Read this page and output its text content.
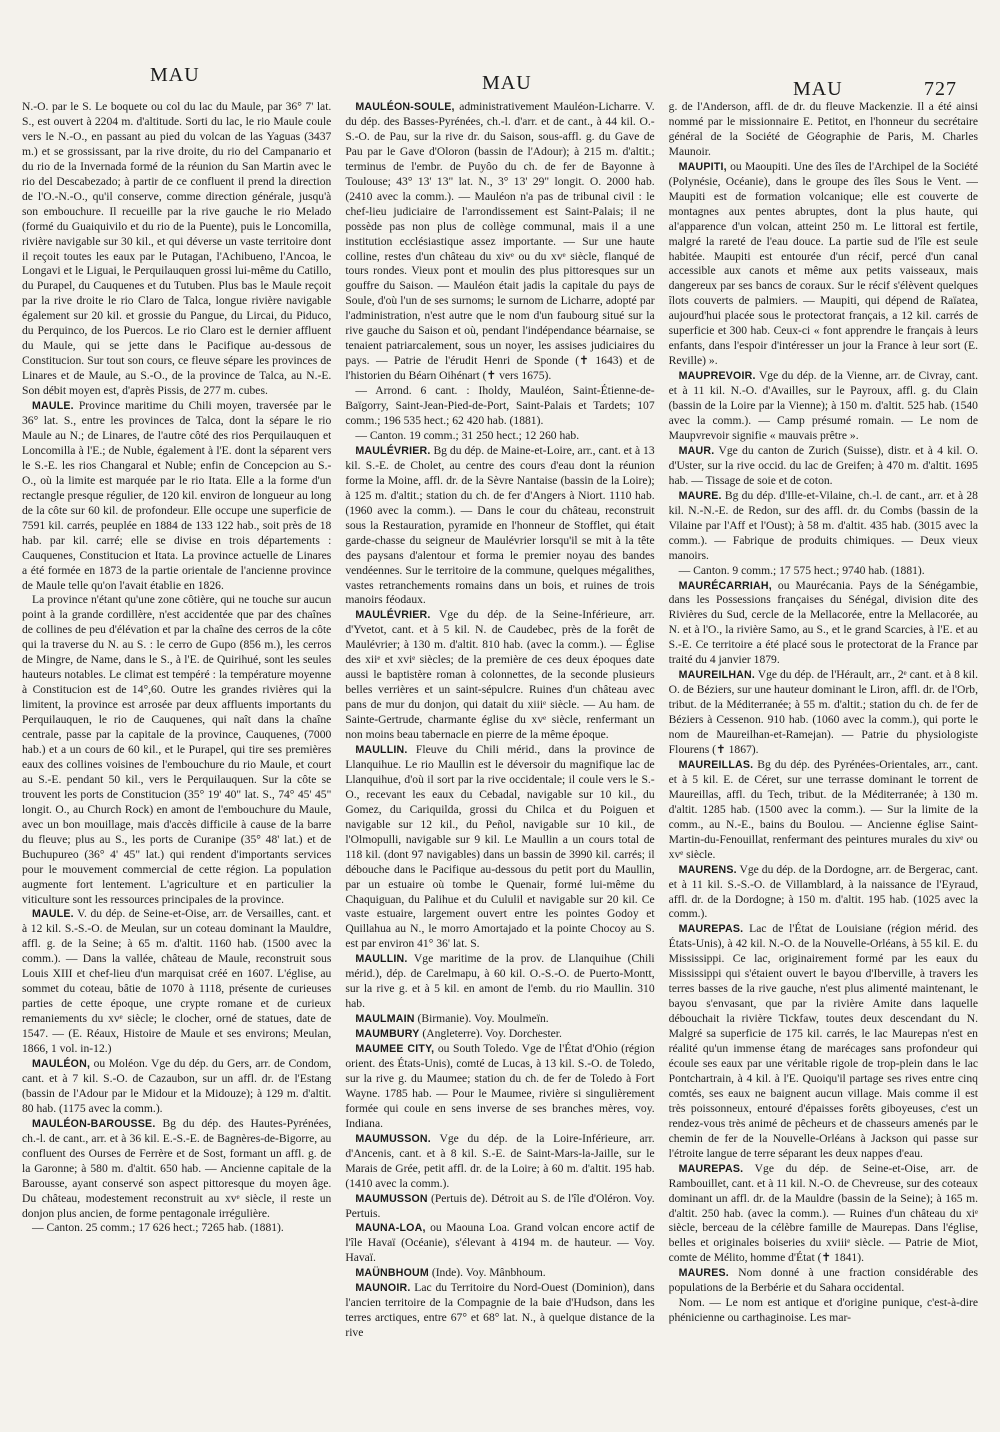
MAU	MAU	MAU	727

N.-O. par le S. Le boquete ou col du lac du Maule, par 36° 7' lat. S., est ouvert à 2204 m. d'altitude. Sorti du lac, le rio Maule coule vers le N.-O., en passant au pied du volcan de las Yaguas (3437 m.) et se grossissant, par la rive droite, du rio del Campanario et du rio de la Invernada formé de la réunion du San Martin avec le rio del Descabezado; à partir de ce confluent il prend la direction de l'O.-N.-O., qu'il conserve, comme direction générale, jusqu'à son embouchure. Il recueille par la rive gauche le rio Melado (formé du Guaiquivilo et du rio de la Puente), puis le Loncomilla, rivière navigable sur 30 kil., et qui déverse un vaste territoire dont il reçoit toutes les eaux par le Putagan, l'Achibueno, l'Ancoa, le Longavi et le Liguai, le Perquilauquen grossi lui-même du Catillo, du Purapel, du Cauquenes et du Tutuben. Plus bas le Maule reçoit par la rive droite le rio Claro de Talca, longue rivière navigable également sur 20 kil. et grossie du Pangue, du Lircai, du Piduco, du Perquinco, de los Puercos. Le rio Claro est le dernier affluent du Maule, qui se jette dans le Pacifique au-dessous de Constitucion. Sur tout son cours, ce fleuve sépare les provinces de Linares et de Maule, au S.-O., de la province de Talca, au N.-E. Son débit moyen est, d'après Pissis, de 277 m. cubes.

MAULE. Province maritime du Chili moyen, traversée par le 36° lat. S., entre les provinces de Talca, dont la sépare le rio Maule au N.; de Linares, de l'autre côté des rios Perquilauquen et Loncomilla à l'E.; de Nuble, également à l'E. dont la séparent vers le S.-E. les rios Changaral et Nuble; enfin de Concepcion au S.-O., où la limite est marquée par le rio Itata. Elle a la forme d'un rectangle presque régulier, de 120 kil. environ de longueur au long de la côte sur 60 kil. de profondeur. Elle occupe une superficie de 7591 kil. carrés, peuplée en 1884 de 133 122 hab., soit près de 18 hab. par kil. carré; elle se divise en trois départements : Cauquenes, Constitucion et Itata. La province actuelle de Linares a été formée en 1873 de la partie orientale de l'ancienne province de Maule telle qu'on l'avait établie en 1826.

La province n'étant qu'une zone côtière, qui ne touche sur aucun point à la grande cordillère, n'est accidentée que par des chaînes de collines de peu d'élévation et par la chaîne des cerros de la côte qui la traverse du N. au S. : le cerro de Gupo (856 m.), les cerros de Mingre, de Name, dans le S., à l'E. de Quirihué, sont les seules hauteurs notables. Le climat est tempéré : la température moyenne à Constitucion est de 14°,60. Outre les grandes rivières qui la limitent, la province est arrosée par deux affluents importants du Perquilauquen, le rio de Cauquenes, qui naît dans la chaîne centrale, passe par la capitale de la province, Cauquenes, (7000 hab.) et a un cours de 60 kil., et le Purapel, qui tire ses premières eaux des collines voisines de l'embouchure du rio Maule, et court au S.-E. pendant 50 kil., vers le Perquilauquen. Sur la côte se trouvent les ports de Constitucion (35° 19' 40" lat. S., 74° 45' 45" longit. O., au Church Rock) en amont de l'embouchure du Maule, avec un bon mouillage, mais d'accès difficile à cause de la barre du fleuve; plus au S., les ports de Curanipe (35° 48' lat.) et de Buchupureo (36° 4' 45" lat.) qui rendent d'importants services pour le mouvement commercial de cette région. La population augmente fort lentement. L'agriculture et en particulier la viticulture sont les ressources principales de la province.

MAULE. V. du dép. de Seine-et-Oise, arr. de Versailles, cant. et à 12 kil. S.-S.-O. de Meulan, sur un coteau dominant la Mauldre, affl. g. de la Seine; à 65 m. d'altit. 1160 hab. (1500 avec la comm.). — Dans la vallée, château de Maule, reconstruit sous Louis XIII et chef-lieu d'un marquisat créé en 1607. L'église, au sommet du coteau, bâtie de 1070 à 1118, présente de curieuses parties de cette époque, une crypte romane et de curieux remaniements du xvᵉ siècle; le clocher, orné de statues, date de 1547. — (E. Réaux, Histoire de Maule et ses environs; Meulan, 1866, 1 vol. in-12.)

MAULÉON, ou Moléon. Vge du dép. du Gers, arr. de Condom, cant. et à 7 kil. S.-O. de Cazaubon, sur un affl. dr. de l'Estang (bassin de l'Adour par le Midour et la Midouze); à 129 m. d'altit. 80 hab. (1175 avec la comm.).

MAULÉON-BAROUSSE. Bg du dép. des Hautes-Pyrénées, ch.-l. de cant., arr. et à 36 kil. E.-S.-E. de Bagnères-de-Bigorre, au confluent des Ourses de Ferrère et de Sost, formant un affl. g. de la Garonne; à 580 m. d'altit. 650 hab. — Ancienne capitale de la Barousse, ayant conservé son aspect pittoresque du moyen âge. Du château, modestement reconstruit au xvᵉ siècle, il reste un donjon plus ancien, de forme pentagonale irrégulière.

— Canton. 25 comm.; 17 626 hect.; 7265 hab. (1881).

MAULÉON-SOULE, administrativement Mauléon-Licharre. V. du dép. des Basses-Pyrénées, ch.-l. d'arr. et de cant., à 44 kil. O.-S.-O. de Pau, sur la rive dr. du Saison, sous-affl. g. du Gave de Pau par le Gave d'Oloron (bassin de l'Adour); à 215 m. d'altit.; terminus de l'embr. de Puyôo du ch. de fer de Bayonne à Toulouse; 43° 13' 13" lat. N., 3° 13' 29" longit. O. 2000 hab. (2410 avec la comm.). — Mauléon n'a pas de tribunal civil : le chef-lieu judiciaire de l'arrondissement est Saint-Palais; il ne possède pas non plus de collège communal, mais il a une institution ecclésiastique assez importante. — Sur une haute colline, restes d'un château du xivᵉ ou du xvᵉ siècle, flanqué de tours rondes. Vieux pont et moulin des plus pittoresques sur un gouffre du Saison. — Mauléon était jadis la capitale du pays de Soule, d'où l'un de ses surnoms; le surnom de Licharre, adopté par l'administration, n'est autre que le nom d'un faubourg situé sur la rive gauche du Saison et où, pendant l'indépendance béarnaise, se tenaient patriarcalement, sous un noyer, les assises judiciaires du pays. — Patrie de l'érudit Henri de Sponde (✝ 1643) et de l'historien du Béarn Oihénart (✝ vers 1675).

— Arrond. 6 cant. : Iholdy, Mauléon, Saint-Étienne-de-Baïgorry, Saint-Jean-Pied-de-Port, Saint-Palais et Tardets; 107 comm.; 196 535 hect.; 62 420 hab. (1881).

— Canton. 19 comm.; 31 250 hect.; 12 260 hab.

MAULÉVRIER. Bg du dép. de Maine-et-Loire, arr., cant. et à 13 kil. S.-E. de Cholet, au centre des cours d'eau dont la réunion forme la Moine, affl. dr. de la Sèvre Nantaise (bassin de la Loire); à 125 m. d'altit.; station du ch. de fer d'Angers à Niort. 1110 hab. (1960 avec la comm.). — Dans le cour du château, reconstruit sous la Restauration, pyramide en l'honneur de Stofflet, qui était garde-chasse du seigneur de Maulévrier lorsqu'il se mit à la tête des paysans d'alentour et forma le premier noyau des bandes vendéennes. Sur le territoire de la commune, quelques mégalithes, vastes retranchements romains dans un bois, et ruines de trois manoirs féodaux.

MAULÉVRIER. Vge du dép. de la Seine-Inférieure, arr. d'Yvetot, cant. et à 5 kil. N. de Caudebec, près de la forêt de Maulévrier; à 130 m. d'altit. 810 hab. (avec la comm.). — Église des xiiᵉ et xviᵉ siècles; de la première de ces deux époques date aussi le baptistère roman à colonnettes, de la seconde plusieurs belles verrières et un saint-sépulcre. Ruines d'un château avec pans de mur du donjon, qui datait du xiiiᵉ siècle. — Au ham. de Sainte-Gertrude, charmante église du xvᵉ siècle, renfermant un non moins beau tabernacle en pierre de la même époque.

MAULLIN. Fleuve du Chili mérid., dans la province de Llanquihue. Le rio Maullin est le déversoir du magnifique lac de Llanquihue, d'où il sort par la rive occidentale; il coule vers le S.-O., recevant les eaux du Cebadal, navigable sur 10 kil., du Gomez, du Cariquilda, grossi du Chilca et du Poiguen et navigable sur 12 kil., du Peñol, navigable sur 10 kil., de l'Olmopulli, navigable sur 9 kil. Le Maullin a un cours total de 118 kil. (dont 97 navigables) dans un bassin de 3990 kil. carrés; il débouche dans le Pacifique au-dessous du petit port du Maullin, par un estuaire où tombe le Quenair, formé lui-même du Chaquiguan, du Palihue et du Cululil et navigable sur 20 kil. Ce vaste estuaire, largement ouvert entre les pointes Godoy et Quillahua au N., le morro Amortajado et la pointe Chocoy au S. est par environ 41° 36' lat. S.

MAULLIN. Vge maritime de la prov. de Llanquihue (Chili mérid.), dép. de Carelmapu, à 60 kil. O.-S.-O. de Puerto-Montt, sur la rive g. et à 5 kil. en amont de l'emb. du rio Maullin. 310 hab.

MAULMAIN (Birmanie). Voy. Moulmeïn.

MAUMBURY (Angleterre). Voy. Dorchester.

MAUMEE CITY, ou South Toledo. Vge de l'État d'Ohio (région orient. des États-Unis), comté de Lucas, à 13 kil. S.-O. de Toledo, sur la rive g. du Maumee; station du ch. de fer de Toledo à Fort Wayne. 1785 hab. — Pour le Maumee, rivière si singulièrement formée qui coule en sens inverse de ses branches mères, voy. Indiana.

MAUMUSSON. Vge du dép. de la Loire-Inférieure, arr. d'Ancenis, cant. et à 8 kil. S.-E. de Saint-Mars-la-Jaille, sur le Marais de Grée, petit affl. dr. de la Loire; à 60 m. d'altit. 195 hab. (1410 avec la comm.).

MAUMUSSON (Pertuis de). Détroit au S. de l'île d'Oléron. Voy. Pertuis.

MAUNA-LOA, ou Maouna Loa. Grand volcan encore actif de l'île Havaï (Océanie), s'élevant à 4194 m. de hauteur. — Voy. Havaï.

MAÜNBHOUM (Inde). Voy. Mânbhoum.

MAUNOIR. Lac du Territoire du Nord-Ouest (Dominion), dans l'ancien territoire de la Compagnie de la baie d'Hudson, dans les terres arctiques, entre 67° et 68° lat. N., à quelque distance de la rive

g. de l'Anderson, affl. de dr. du fleuve Mackenzie. Il a été ainsi nommé par le missionnaire E. Petitot, en l'honneur du secrétaire général de la Société de Géographie de Paris, M. Charles Maunoir.

MAUPITI, ou Maoupiti. Une des îles de l'Archipel de la Société (Polynésie, Océanie), dans le groupe des îles Sous le Vent. — Maupiti est de formation volcanique; elle est couverte de montagnes aux pentes abruptes, dont la plus haute, qui al'apparence d'un volcan, atteint 250 m. Le littoral est fertile, malgré la rareté de l'eau douce. La partie sud de l'île est seule habitée. Maupiti est entourée d'un récif, percé d'un canal accessible aux canots et même aux petits vaisseaux, mais dangereux par ses bancs de coraux. Sur le récif s'élèvent quelques îlots couverts de palmiers. — Maupiti, qui dépend de Raïatea, aujourd'hui placée sous le protectorat français, a 12 kil. carrés de superficie et 300 hab. Ceux-ci « font apprendre le français à leurs enfants, dans l'espoir d'intéresser un jour la France à leur sort (E. Reville) ».

MAUPREVOIR. Vge du dép. de la Vienne, arr. de Civray, cant. et à 11 kil. N.-O. d'Availles, sur le Payroux, affl. g. du Clain (bassin de la Loire par la Vienne); à 150 m. d'altit. 525 hab. (1540 avec la comm.). — Camp présumé romain. — Le nom de Maupvrevoir signifie « mauvais prêtre ».

MAUR. Vge du canton de Zurich (Suisse), distr. et à 4 kil. O. d'Uster, sur la rive occid. du lac de Greifen; à 470 m. d'altit. 1695 hab. — Tissage de soie et de coton.

MAURE. Bg du dép. d'Ille-et-Vilaine, ch.-l. de cant., arr. et à 28 kil. N.-N.-E. de Redon, sur des affl. dr. du Combs (bassin de la Vilaine par l'Aff et l'Oust); à 58 m. d'altit. 435 hab. (3015 avec la comm.). — Fabrique de produits chimiques. — Deux vieux manoirs.

— Canton. 9 comm.; 17 575 hect.; 9740 hab. (1881).

MAURÉCARRIAH, ou Maurécania. Pays de la Sénégambie, dans les Possessions françaises du Sénégal, division dite des Rivières du Sud, cercle de la Mellacorée, entre la Mellacorée, au N. et à l'O., la rivière Samo, au S., et le grand Scarcies, à l'E. et au S.-E. Ce territoire a été placé sous le protectorat de la France par traité du 4 janvier 1879.

MAUREILHAN. Vge du dép. de l'Hérault, arr., 2ᵉ cant. et à 8 kil. O. de Béziers, sur une hauteur dominant le Liron, affl. dr. de l'Orb, tribut. de la Méditerranée; à 55 m. d'altit.; station du ch. de fer de Béziers à Cessenon. 910 hab. (1060 avec la comm.), qui porte le nom de Maureilhan-et-Ramejan). — Patrie du physiologiste Flourens (✝ 1867).

MAUREILLAS. Bg du dép. des Pyrénées-Orientales, arr., cant. et à 5 kil. E. de Céret, sur une terrasse dominant le torrent de Maureillas, affl. du Tech, tribut. de la Méditerranée; à 130 m. d'altit. 1285 hab. (1500 avec la comm.). — Sur la limite de la comm., au N.-E., bains du Boulou. — Ancienne église Saint-Martin-du-Fenouillat, renfermant des peintures murales du xivᵉ ou xvᵉ siècle.

MAURENS. Vge du dép. de la Dordogne, arr. de Bergerac, cant. et à 11 kil. S.-S.-O. de Villamblard, à la naissance de l'Eyraud, affl. dr. de la Dordogne; à 150 m. d'altit. 195 hab. (1025 avec la comm.).

MAUREPAS. Lac de l'État de Louisiane (région mérid. des États-Unis), à 42 kil. N.-O. de la Nouvelle-Orléans, à 55 kil. E. du Mississippi. Ce lac, originairement formé par les eaux du Mississippi qui s'étaient ouvert le bayou d'Iberville, à travers les terres basses de la rive gauche, n'est plus alimenté maintenant, le bayou s'envasant, que par la rivière Amite dans laquelle débouchait la rivière Tickfaw, toutes deux descendant du N. Malgré sa superficie de 175 kil. carrés, le lac Maurepas n'est en réalité qu'un immense étang de marécages sans profondeur qui écoule ses eaux par une véritable rigole de trop-plein dans le lac Pontchartrain, à 4 kil. à l'E. Quoiqu'il partage ses rives entre cinq comtés, ses eaux ne baignent aucun village. Mais comme il est très poissonneux, entouré d'épaisses forêts giboyeuses, c'est un rendez-vous très animé de pêcheurs et de chasseurs amenés par le chemin de fer de la Nouvelle-Orléans à Jackson qui passe sur l'étroite langue de terre séparant les deux nappes d'eau.

MAUREPAS. Vge du dép. de Seine-et-Oise, arr. de Rambouillet, cant. et à 11 kil. N.-O. de Chevreuse, sur des coteaux dominant un affl. dr. de la Mauldre (bassin de la Seine); à 165 m. d'altit. 250 hab. (avec la comm.). — Ruines d'un château du xiᵉ siècle, berceau de la célèbre famille de Maurepas. Dans l'église, belles et originales boiseries du xviiiᵉ siècle. — Patrie de Miot, comte de Mélito, homme d'État (✝ 1841).

MAURES. Nom donné à une fraction considérable des populations de la Berbérie et du Sahara occidental.

Nom. — Le nom est antique et d'origine punique, c'est-à-dire phénicienne ou carthaginoise. Les mar-
